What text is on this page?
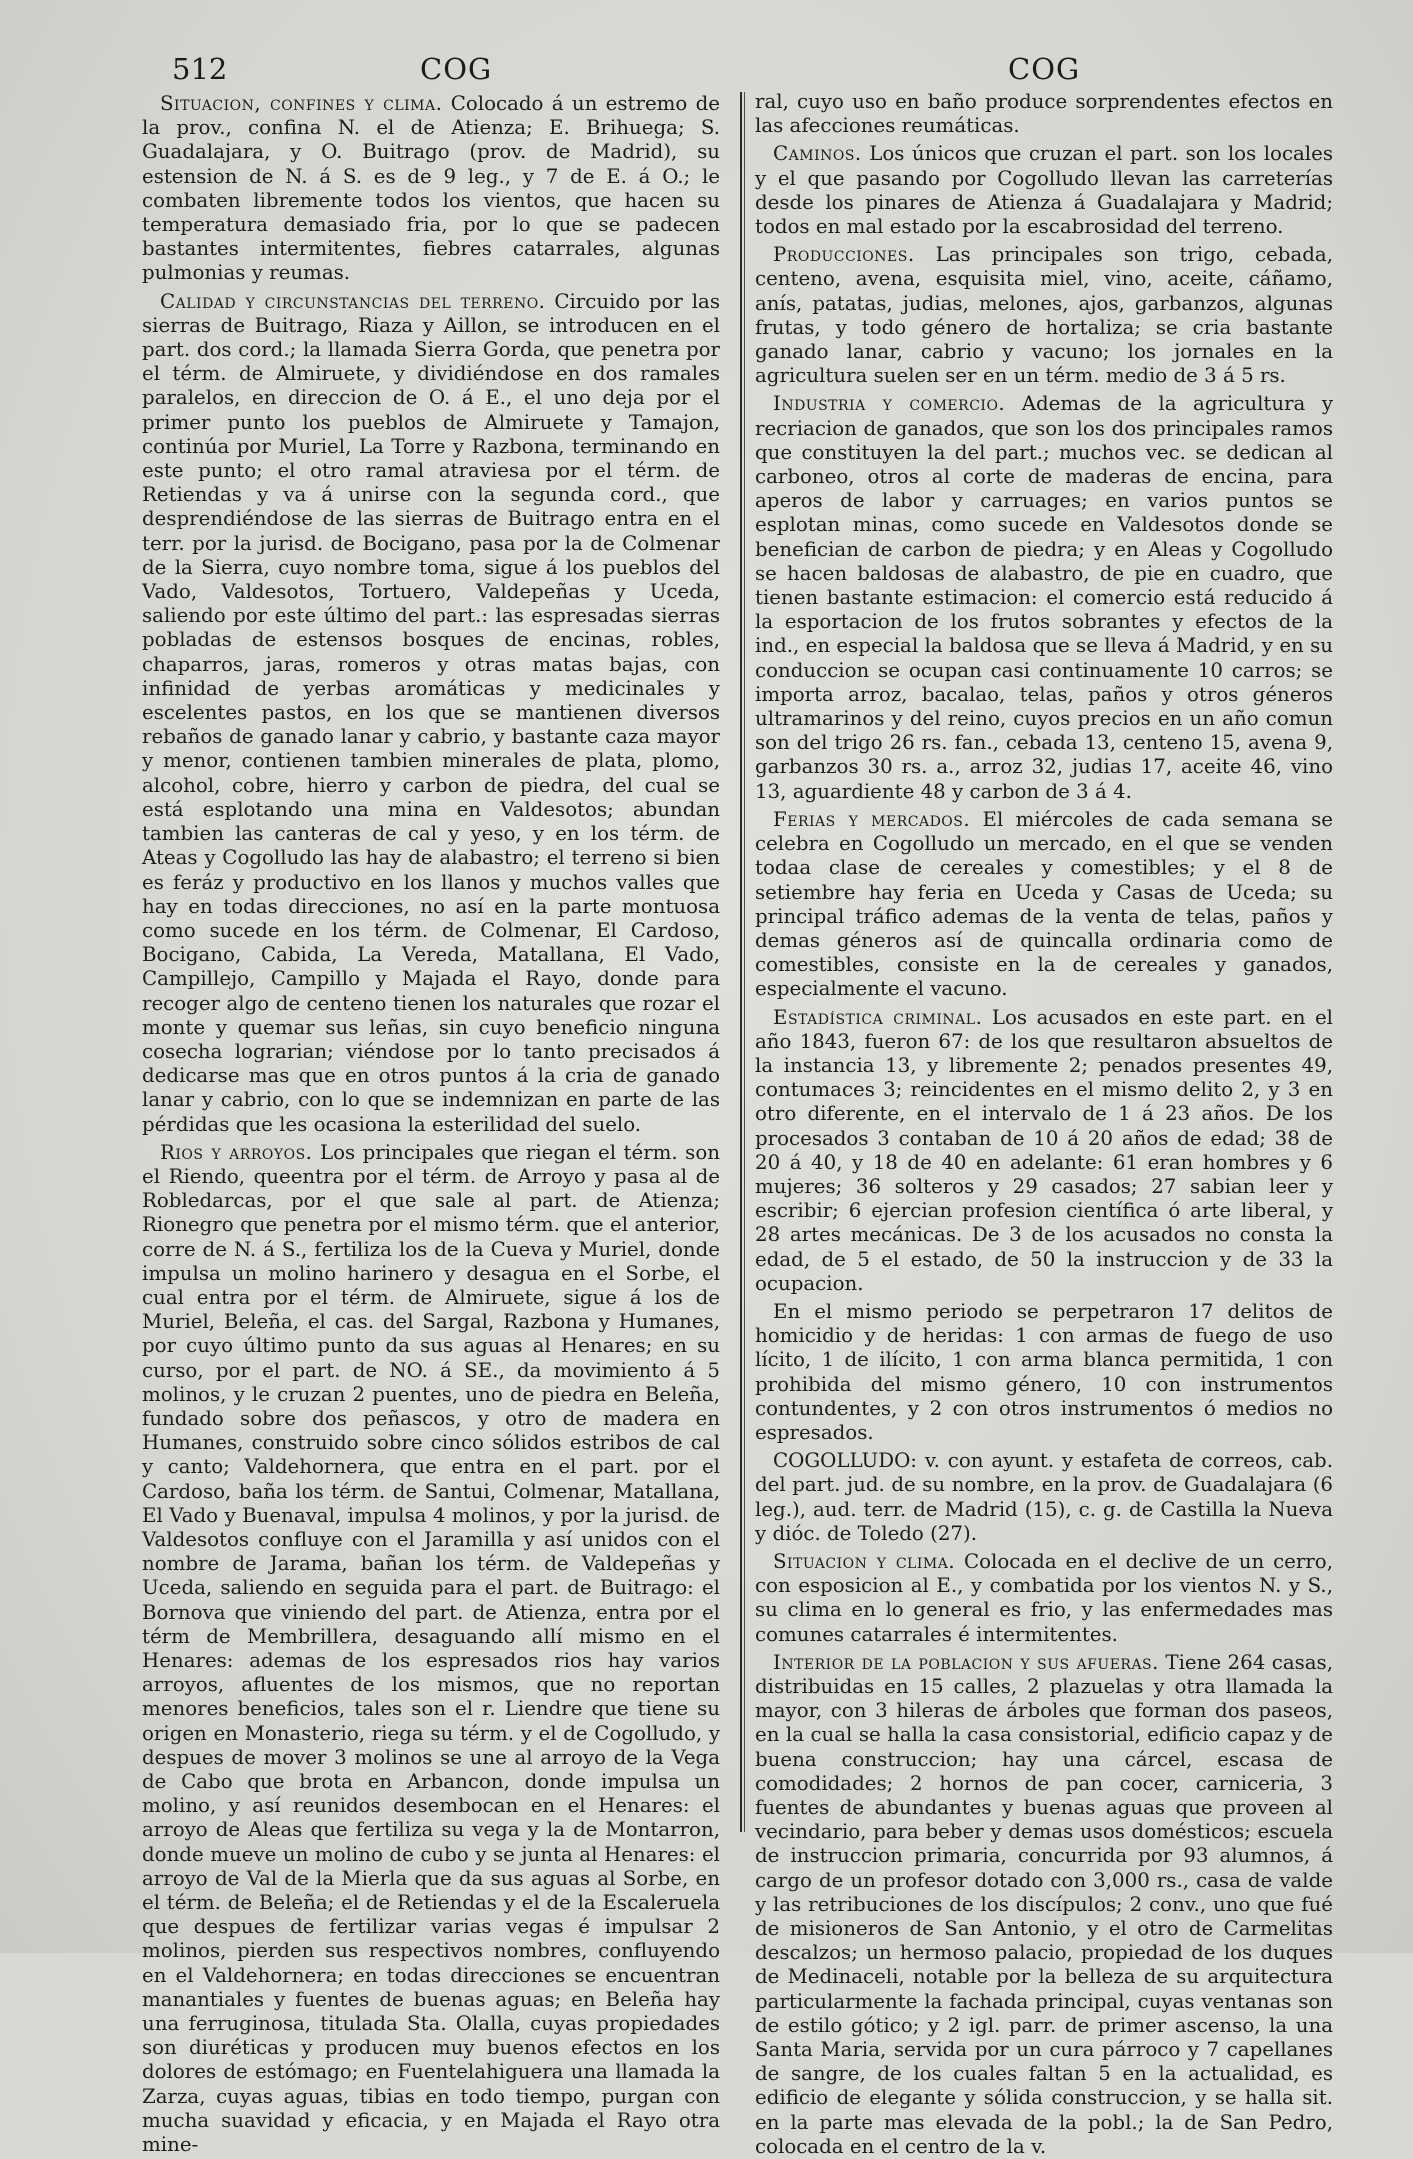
512	COG	COG

Situacion, confines y clima. Colocado á un estremo de la prov., confina N. el de Atienza; E. Brihuega; S. Guadalajara, y O. Buitrago (prov. de Madrid), su estension de N. á S. es de 9 leg., y 7 de E. á O.; le combaten libremente todos los vientos, que hacen su temperatura demasiado fria, por lo que se padecen bastantes intermitentes, fiebres catarrales, algunas pulmonias y reumas.

Calidad y circunstancias del terreno. Circuido por las sierras de Buitrago, Riaza y Aillon, se introducen en el part. dos cord.; la llamada Sierra Gorda, que penetra por el térm. de Almiruete, y dividiéndose en dos ramales paralelos, en direccion de O. á E., el uno deja por el primer punto los pueblos de Almiruete y Tamajon, continúa por Muriel, La Torre y Razbona, terminando en este punto; el otro ramal atraviesa por el térm. de Retiendas y va á unirse con la segunda cord., que desprendiéndose de las sierras de Buitrago entra en el terr. por la jurisd. de Bocigano, pasa por la de Colmenar de la Sierra, cuyo nombre toma, sigue á los pueblos del Vado, Valdesotos, Tortuero, Valdepeñas y Uceda, saliendo por este último del part.: las espresadas sierras pobladas de estensos bosques de encinas, robles, chaparros, jaras, romeros y otras matas bajas, con infinidad de yerbas aromáticas y medicinales y escelentes pastos, en los que se mantienen diversos rebaños de ganado lanar y cabrio, y bastante caza mayor y menor, contienen tambien minerales de plata, plomo, alcohol, cobre, hierro y carbon de piedra, del cual se está esplotando una mina en Valdesotos; abundan tambien las canteras de cal y yeso, y en los térm. de Ateas y Cogolludo las hay de alabastro; el terreno si bien es feráz y productivo en los llanos y muchos valles que hay en todas direcciones, no así en la parte montuosa como sucede en los térm. de Colmenar, El Cardoso, Bocigano, Cabida, La Vereda, Matallana, El Vado, Campillejo, Campillo y Majada el Rayo, donde para recoger algo de centeno tienen los naturales que rozar el monte y quemar sus leñas, sin cuyo beneficio ninguna cosecha lograrian; viéndose por lo tanto precisados á dedicarse mas que en otros puntos á la cria de ganado lanar y cabrio, con lo que se indemnizan en parte de las pérdidas que les ocasiona la esterilidad del suelo.

Rios y arroyos. Los principales que riegan el térm. son el Riendo, queentra por el térm. de Arroyo y pasa al de Robledarcas, por el que sale al part. de Atienza; Rionegro que penetra por el mismo térm. que el anterior, corre de N. á S., fertiliza los de la Cueva y Muriel, donde impulsa un molino harinero y desagua en el Sorbe, el cual entra por el térm. de Almiruete, sigue á los de Muriel, Beleña, el cas. del Sargal, Razbona y Humanes, por cuyo último punto da sus aguas al Henares; en su curso, por el part. de NO. á SE., da movimiento á 5 molinos, y le cruzan 2 puentes, uno de piedra en Beleña, fundado sobre dos peñascos, y otro de madera en Humanes, construido sobre cinco sólidos estribos de cal y canto; Valdehornera, que entra en el part. por el Cardoso, baña los térm. de Santui, Colmenar, Matallana, El Vado y Buenaval, impulsa 4 molinos, y por la jurisd. de Valdesotos confluye con el Jaramilla y así unidos con el nombre de Jarama, bañan los térm. de Valdepeñas y Uceda, saliendo en seguida para el part. de Buitrago: el Bornova que viniendo del part. de Atienza, entra por el térm de Membrillera, desaguando allí mismo en el Henares: ademas de los espresados rios hay varios arroyos, afluentes de los mismos, que no reportan menores beneficios, tales son el r. Liendre que tiene su origen en Monasterio, riega su térm. y el de Cogolludo, y despues de mover 3 molinos se une al arroyo de la Vega de Cabo que brota en Arbancon, donde impulsa un molino, y así reunidos desembocan en el Henares: el arroyo de Aleas que fertiliza su vega y la de Montarron, donde mueve un molino de cubo y se junta al Henares: el arroyo de Val de la Mierla que da sus aguas al Sorbe, en el térm. de Beleña; el de Retiendas y el de la Escaleruela que despues de fertilizar varias vegas é impulsar 2 molinos, pierden sus respectivos nombres, confluyendo en el Valdehornera; en todas direcciones se encuentran manantiales y fuentes de buenas aguas; en Beleña hay una ferruginosa, titulada Sta. Olalla, cuyas propiedades son diuréticas y producen muy buenos efectos en los dolores de estómago; en Fuentelahiguera una llamada la Zarza, cuyas aguas, tibias en todo tiempo, purgan con mucha suavidad y eficacia, y en Majada el Rayo otra mine-

ral, cuyo uso en baño produce sorprendentes efectos en las afecciones reumáticas.

Caminos. Los únicos que cruzan el part. son los locales y el que pasando por Cogolludo llevan las carreterías desde los pinares de Atienza á Guadalajara y Madrid; todos en mal estado por la escabrosidad del terreno.

Producciones. Las principales son trigo, cebada, centeno, avena, esquisita miel, vino, aceite, cáñamo, anís, patatas, judias, melones, ajos, garbanzos, algunas frutas, y todo género de hortaliza; se cria bastante ganado lanar, cabrio y vacuno; los jornales en la agricultura suelen ser en un térm. medio de 3 á 5 rs.

Industria y comercio. Ademas de la agricultura y recriacion de ganados, que son los dos principales ramos que constituyen la del part.; muchos vec. se dedican al carboneo, otros al corte de maderas de encina, para aperos de labor y carruages; en varios puntos se esplotan minas, como sucede en Valdesotos donde se benefician de carbon de piedra; y en Aleas y Cogolludo se hacen baldosas de alabastro, de pie en cuadro, que tienen bastante estimacion: el comercio está reducido á la esportacion de los frutos sobrantes y efectos de la ind., en especial la baldosa que se lleva á Madrid, y en su conduccion se ocupan casi continuamente 10 carros; se importa arroz, bacalao, telas, paños y otros géneros ultramarinos y del reino, cuyos precios en un año comun son del trigo 26 rs. fan., cebada 13, centeno 15, avena 9, garbanzos 30 rs. a., arroz 32, judias 17, aceite 46, vino 13, aguardiente 48 y carbon de 3 á 4.

Ferias y mercados. El miércoles de cada semana se celebra en Cogolludo un mercado, en el que se venden todaa clase de cereales y comestibles; y el 8 de setiembre hay feria en Uceda y Casas de Uceda; su principal tráfico ademas de la venta de telas, paños y demas géneros así de quincalla ordinaria como de comestibles, consiste en la de cereales y ganados, especialmente el vacuno.

Estadística criminal. Los acusados en este part. en el año 1843, fueron 67: de los que resultaron absueltos de la instancia 13, y libremente 2; penados presentes 49, contumaces 3; reincidentes en el mismo delito 2, y 3 en otro diferente, en el intervalo de 1 á 23 años. De los procesados 3 contaban de 10 á 20 años de edad; 38 de 20 á 40, y 18 de 40 en adelante: 61 eran hombres y 6 mujeres; 36 solteros y 29 casados; 27 sabian leer y escribir; 6 ejercian profesion científica ó arte liberal, y 28 artes mecánicas. De 3 de los acusados no consta la edad, de 5 el estado, de 50 la instruccion y de 33 la ocupacion.

En el mismo periodo se perpetraron 17 delitos de homicidio y de heridas: 1 con armas de fuego de uso lícito, 1 de ilícito, 1 con arma blanca permitida, 1 con prohibida del mismo género, 10 con instrumentos contundentes, y 2 con otros instrumentos ó medios no espresados.

COGOLLUDO: v. con ayunt. y estafeta de correos, cab. del part. jud. de su nombre, en la prov. de Guadalajara (6 leg.), aud. terr. de Madrid (15), c. g. de Castilla la Nueva y dióc. de Toledo (27).

Situacion y clima. Colocada en el declive de un cerro, con esposicion al E., y combatida por los vientos N. y S., su clima en lo general es frio, y las enfermedades mas comunes catarrales é intermitentes.

Interior de la poblacion y sus afueras. Tiene 264 casas, distribuidas en 15 calles, 2 plazuelas y otra llamada la mayor, con 3 hileras de árboles que forman dos paseos, en la cual se halla la casa consistorial, edificio capaz y de buena construccion; hay una cárcel, escasa de comodidades; 2 hornos de pan cocer, carniceria, 3 fuentes de abundantes y buenas aguas que proveen al vecindario, para beber y demas usos domésticos; escuela de instruccion primaria, concurrida por 93 alumnos, á cargo de un profesor dotado con 3,000 rs., casa de valde y las retribuciones de los discípulos; 2 conv., uno que fué de misioneros de San Antonio, y el otro de Carmelitas descalzos; un hermoso palacio, propiedad de los duques de Medinaceli, notable por la belleza de su arquitectura particularmente la fachada principal, cuyas ventanas son de estilo gótico; y 2 igl. parr. de primer ascenso, la una Santa Maria, servida por un cura párroco y 7 capellanes de sangre, de los cuales faltan 5 en la actualidad, es edificio de elegante y sólida construccion, y se halla sit. en la parte mas elevada de la pobl.; la de San Pedro, colocada en el centro de la v.
